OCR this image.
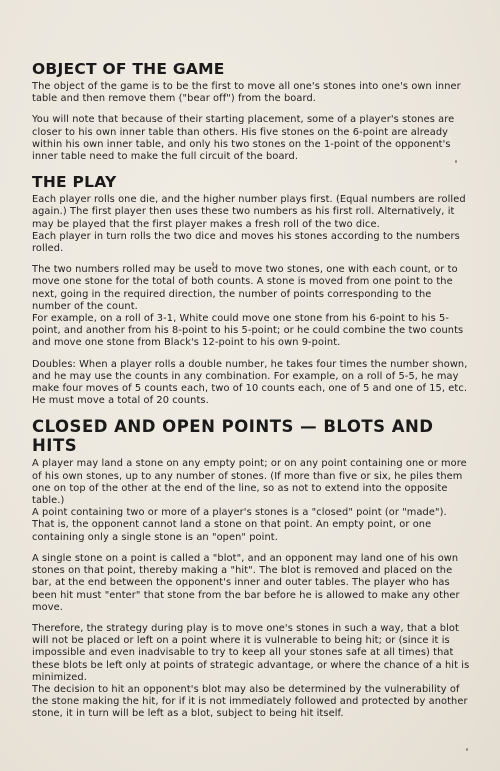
OBJECT OF THE GAME

The object of the game is to be the first to move all one's stones into one's own inner table and then remove them ("bear off") from the board.

You will note that because of their starting placement, some of a player's stones are closer to his own inner table than others. His five stones on the 6-point are already within his own inner table, and only his two stones on the 1-point of the opponent's inner table need to make the full circuit of the board.

THE PLAY

Each player rolls one die, and the higher number plays first. (Equal numbers are rolled again.) The first player then uses these two numbers as his first roll. Alternatively, it may be played that the first player makes a fresh roll of the two dice.

Each player in turn rolls the two dice and moves his stones according to the numbers rolled.

The two numbers rolled may be used to move two stones, one with each count, or to move one stone for the total of both counts. A stone is moved from one point to the next, going in the required direction, the number of points corresponding to the number of the count.

For example, on a roll of 3-1, White could move one stone from his 6-point to his 5-point, and another from his 8-point to his 5-point; or he could combine the two counts and move one stone from Black's 12-point to his own 9-point.

Doubles: When a player rolls a double number, he takes four times the number shown, and he may use the counts in any combination. For example, on a roll of 5-5, he may make four moves of 5 counts each, two of 10 counts each, one of 5 and one of 15, etc. He must move a total of 20 counts.

CLOSED AND OPEN POINTS — BLOTS AND HITS

A player may land a stone on any empty point; or on any point containing one or more of his own stones, up to any number of stones. (If more than five or six, he piles them one on top of the other at the end of the line, so as not to extend into the opposite table.)

A point containing two or more of a player's stones is a "closed" point (or "made"). That is, the opponent cannot land a stone on that point. An empty point, or one containing only a single stone is an "open" point.

A single stone on a point is called a "blot", and an opponent may land one of his own stones on that point, thereby making a "hit". The blot is removed and placed on the bar, at the end between the opponent's inner and outer tables. The player who has been hit must "enter" that stone from the bar before he is allowed to make any other move.

Therefore, the strategy during play is to move one's stones in such a way, that a blot will not be placed or left on a point where it is vulnerable to being hit; or (since it is impossible and even inadvisable to try to keep all your stones safe at all times) that these blots be left only at points of strategic advantage, or where the chance of a hit is minimized.

The decision to hit an opponent's blot may also be determined by the vulnerability of the stone making the hit, for if it is not immediately followed and protected by another stone, it in turn will be left as a blot, subject to being hit itself.
